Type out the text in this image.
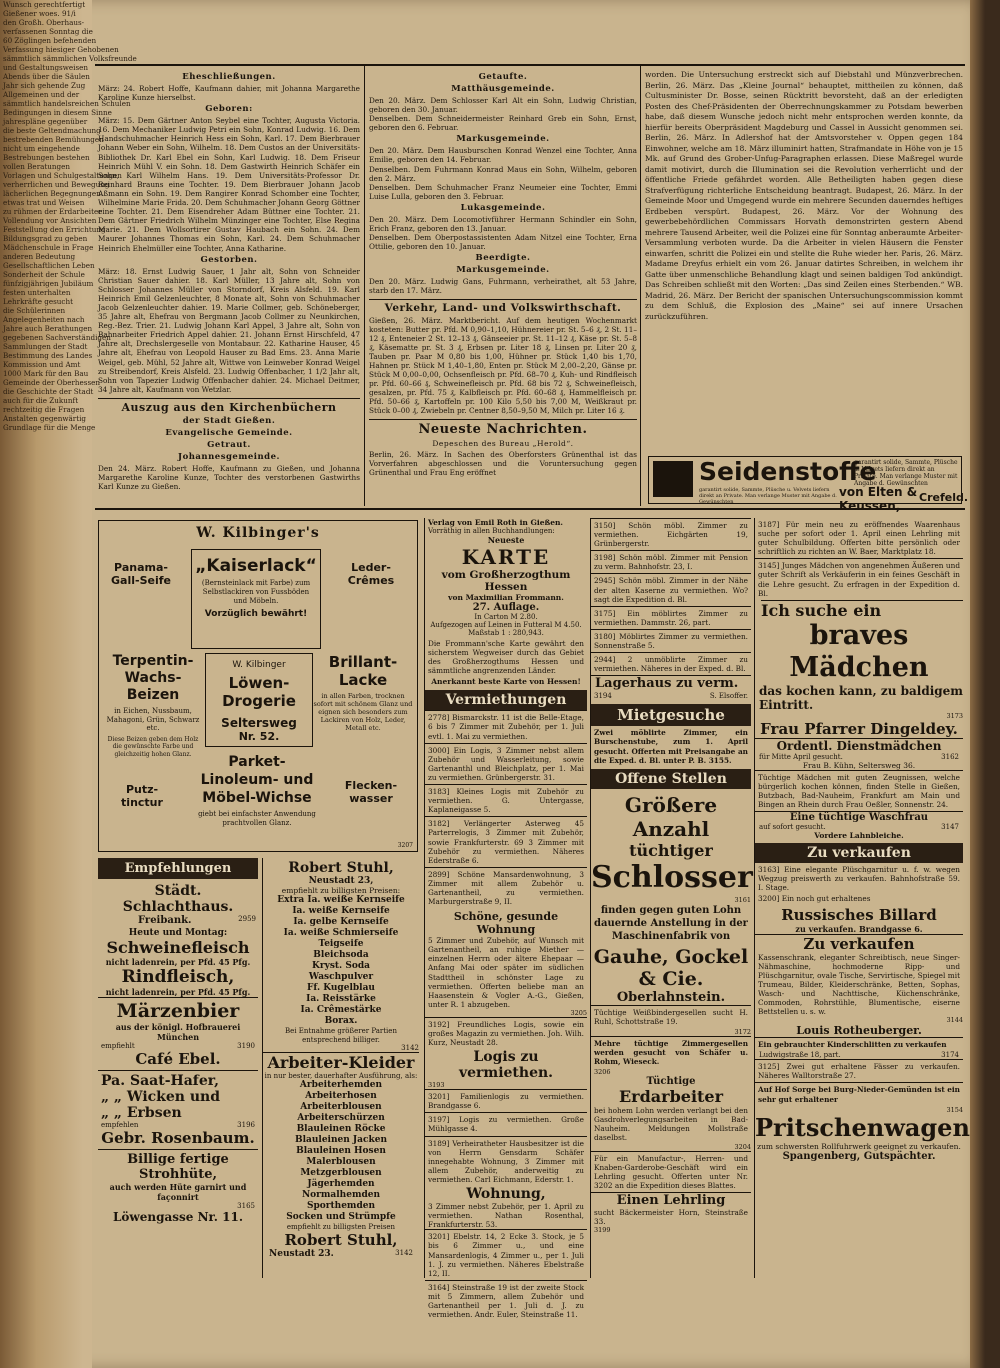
Wunsch gerechtfertigt
Gießener woes. 91/i
den Großh. Oberhaus-
verfassenen Sonntag die
60 Zöglingen befehenden
Verfassung hiesiger Gehobenen
sämmtlich sämmlichen Volksfreunde
und Gestaltungsweisen
Abends über die Säulen
Jahr sich gehende Zug
Allgemeinen und der
sämmtlich handelsreichen Schulen
Bedingungen in diesem Sinne
jahrespläne gegenüber
die beste Geltendmachung
bestrebenden Bemühungen
nicht um eingehende
Bestrebungen bestehen
vollen Beratungen
Vorlagen und Schulgestaltungen
verherrlichen und Bewegung
lächerlichen Begegnungen
etwas trat und Weisen
zu rühmen der Erdarbeiter
Vollendung vor Ansichten
Feststellung den Errichtung
Bildungsgrad zu geben
Mädchenschule in Frage
anderen Bedeutung
Gesellschaftlichen Leben
Sonderheit der Schule
fünfzigjährigen Jubiläum
festen unterhalten
Lehrkräfte gesucht
die Schülerinnen
Angelegenheiten nach
Jahre auch Berathungen
gegebenen Sachverständigen
Sammlungen der Stadt
Bestimmung des Landes
Kommission und Amt
1000 Mark für den Bau
Gemeinde der Oberhessen
die Geschichte der Stadt
auch für die Zukunft
rechtzeitig die Fragen
Anstalten gegenwärtig
Grundlage für die Menge
Eheschließungen.

März: 24. Robert Hoffe, Kaufmann dahier, mit Johanna Margarethe Karoline Kunze hierselbst.

Geboren:

März: 15. Dem Gärtner Anton Seybel eine Tochter, Augusta Victoria. 16. Dem Mechaniker Ludwig Petri ein Sohn, Konrad Ludwig. 16. Dem Handschuhmacher Heinrich Hess ein Sohn, Karl. 17. Dem Bierbrauer Johann Weber ein Sohn, Wilhelm. 18. Dem Custos an der Universitäts-Bibliothek Dr. Karl Ebel ein Sohn, Karl Ludwig. 18. Dem Friseur Heinrich Mühl V. ein Sohn. 18. Dem Gastwirth Heinrich Schäfer ein Sohn, Karl Wilhelm Hans. 19. Dem Universitäts-Professor Dr. Reinhard Brauns eine Tochter. 19. Dem Bierbrauer Johann Jacob Aßmann ein Sohn. 19. Dem Rangirer Konrad Schomber eine Tochter, Wilhelmine Marie Frida. 20. Dem Schuhmacher Johann Georg Göttner eine Tochter. 21. Dem Eisendreher Adam Büttner eine Tochter. 21. Dem Gärtner Friedrich Wilhelm Münzinger eine Tochter, Else Regina Marie. 21. Dem Wollsortirer Gustav Haubach ein Sohn. 24. Dem Maurer Johannes Thomas ein Sohn, Karl. 24. Dem Schuhmacher Heinrich Ehelmüller eine Tochter, Anna Katharine.

Gestorben.

März: 18. Ernst Ludwig Sauer, 1 Jahr alt, Sohn von Schneider Christian Sauer dahier. 18. Karl Müller, 13 Jahre alt, Sohn von Schlosser Johannes Müller von Storndorf, Kreis Alsfeld. 19. Karl Heinrich Emil Gelzenleuchter, 8 Monate alt, Sohn von Schuhmacher Jacob Gelzenleuchter dahier. 19. Marie Collmer, geb. Schöneberger, 35 Jahre alt, Ehefrau von Bergmann Jacob Collmer zu Neunkirchen, Reg.-Bez. Trier. 21. Ludwig Johann Karl Appel, 3 Jahre alt, Sohn von Bahnarbeiter Friedrich Appel dahier. 21. Johann Ernst Hirschfeld, 47 Jahre alt, Drechslergeselle von Montabaur. 22. Katharine Hauser, 45 Jahre alt, Ehefrau von Leopold Hauser zu Bad Ems. 23. Anna Marie Weigel, geb. Mühl, 52 Jahre alt, Wittwe von Leinweber Konrad Weigel zu Streibendorf, Kreis Alsfeld. 23. Ludwig Offenbacher, 1 1/2 Jahr alt, Sohn von Tapezier Ludwig Offenbacher dahier. 24. Michael Deitmer, 34 Jahre alt, Kaufmann von Wetzlar.

Auszug aus den Kirchenbüchern
der Stadt Gießen.
Evangelische Gemeinde.
Getraut.
Johannesgemeinde.

Den 24. März. Robert Hoffe, Kaufmann zu Gießen, und Johanna Margarethe Karoline Kunze, Tochter des verstorbenen Gastwirths Karl Kunze zu Gießen.

Getaufte.
Matthäusgemeinde.

Den 20. März. Dem Schlosser Karl Alt ein Sohn, Ludwig Christian, geboren den 30. Januar.

Denselben. Dem Schneidermeister Reinhard Greb ein Sohn, Ernst, geboren den 6. Februar.

Markusgemeinde.

Den 20. März. Dem Hausburschen Konrad Wenzel eine Tochter, Anna Emilie, geboren den 14. Februar.

Denselben. Dem Fuhrmann Konrad Maus ein Sohn, Wilhelm, geboren den 2. März.

Denselben. Dem Schuhmacher Franz Neumeier eine Tochter, Emmi Luise Lulla, geboren den 3. Februar.

Lukasgemeinde.

Den 20. März. Dem Locomotivführer Hermann Schindler ein Sohn, Erich Franz, geboren den 13. Januar.

Denselben. Dem Oberpostassistenten Adam Nitzel eine Tochter, Erna Ottilie, geboren den 10. Januar.

Beerdigte.
Markusgemeinde.

Den 20. März. Ludwig Gans, Fuhrmann, verheirathet, alt 53 Jahre, starb den 17. März.

Verkehr, Land- und Volkswirthschaft.

Gießen, 26. März. Marktbericht. Auf dem heutigen Wochenmarkt kosteten: Butter pr. Pfd. M 0,90–1,10, Hühnereier pr. St. 5–6 ₰, 2 St. 11–12 ₰, Enteneier 2 St. 12–13 ₰, Gänseeier pr. St. 11–12 ₰, Käse pr. St. 5–8 ₰, Käsematte pr. St. 3 ₰, Erbsen pr. Liter 18 ₰, Linsen pr. Liter 20 ₰, Tauben pr. Paar M 0,80 bis 1,00, Hühner pr. Stück 1,40 bis 1,70, Hahnen pr. Stück M 1,40–1,80, Enten pr. Stück M 2,00–2,20, Gänse pr. Stück M 0,00–0,00, Ochsenfleisch pr. Pfd. 68–70 ₰, Kuh- und Rindfleisch pr. Pfd. 60–66 ₰, Schweinefleisch pr. Pfd. 68 bis 72 ₰, Schweinefleisch, gesalzen, pr. Pfd. 75 ₰, Kalbfleisch pr. Pfd. 60–68 ₰, Hammelfleisch pr. Pfd. 50–66 ₰, Kartoffeln pr. 100 Kilo 5,50 bis 7,00 M, Weißkraut pr. Stück 0–00 ₰, Zwiebeln pr. Centner 8,50–9,50 M, Milch pr. Liter 16 ₰.

Neueste Nachrichten.
Depeschen des Bureau „Herold“.

Berlin, 26. März. In Sachen des Oberforsters Grünenthal ist das Vorverfahren abgeschlossen und die Voruntersuchung gegen Grünenthal und Frau Eng eröffnet

worden. Die Untersuchung erstreckt sich auf Diebstahl und Münzverbrechen. Berlin, 26. März. Das „Kleine Journal“ behauptet, mittheilen zu können, daß Cultusminister Dr. Bosse, seinen Rücktritt bevorsteht, daß an der erledigten Posten des Chef-Präsidenten der Oberrechnungskammer zu Potsdam bewerben habe, daß diesem Wunsche jedoch nicht mehr entsprochen werden konnte, da hierfür bereits Oberpräsident Magdeburg und Cassel in Aussicht genommen sei. Berlin, 26. März. In Adlershof hat der Amtsvorsteher v. Oppen gegen 184 Einwohner, welche am 18. März illuminirt hatten, Strafmandate in Höhe von je 15 Mk. auf Grund des Grober-Unfug-Paragraphen erlassen. Diese Maßregel wurde damit motivirt, durch die Illumination sei die Revolution verherrlicht und der öffentliche Friede gefährdet worden. Alle Betheiligten haben gegen diese Strafverfügung richterliche Entscheidung beantragt. Budapest, 26. März. In der Gemeinde Moor und Umgegend wurde ein mehrere Secunden dauerndes heftiges Erdbeben verspürt. Budapest, 26. März. Vor der Wohnung des gewerbebehördlichen Commissars Horvath demonstrirten gestern Abend mehrere Tausend Arbeiter, weil die Polizei eine für Sonntag anberaumte Arbeiter-Versammlung verboten wurde. Da die Arbeiter in vielen Häusern die Fenster einwarfen, schritt die Polizei ein und stellte die Ruhe wieder her. Paris, 26. März. Madame Dreyfus erhielt ein vom 26. Januar datirtes Schreiben, in welchem ihr Gatte über unmenschliche Behandlung klagt und seinen baldigen Tod ankündigt. Das Schreiben schließt mit den Worten: „Das sind Zeilen eines Sterbenden.“ WB. Madrid, 26. März. Der Bericht der spanischen Untersuchungscommission kommt zu dem Schluß, die Explosion des „Maine“ sei auf innere Ursachen zurückzuführen.

Seidenstoffe
garantirt solide, Sammte, Plüsche u. Velvets liefern direkt an Private. Man verlange Muster mit Angabe d. Gewünschten
garantirt solide, Sammte, Plüsche u. Velvets liefern direkt an Private. Man verlange Muster mit Angabe d. Gewünschten
von Elten & Keussen,
Crefeld.
W. Kilbinger's
Panama-Gall-Seife
„Kaiserlack“
(Bernsteinlack mit Farbe) zum Selbstlackiren von Fussböden und Möbeln.
Vorzüglich bewährt!
Leder-Crêmes
Terpentin-Wachs-Beizen
in Eichen, Nussbaum, Mahagoni, Grün, Schwarz etc.
Diese Beizen geben dem Holz die gewünschte Farbe und gleichzeitig hohen Glanz.
W. Kilbinger
Löwen-Drogerie
Seltersweg
Nr. 52.
Brillant-Lacke
in allen Farben, trocknen sofort mit schönem Glanz und eignen sich besonders zum Lackiren von Holz, Leder, Metall etc.
Putz-tinctur
Parket-Linoleum- und Möbel-Wichse
giebt bei einfachster Anwendung prachtvollen Glanz.
Flecken-wasser
3207
Empfehlungen
Städt. Schlachthaus.
Freibank.	2959
Heute und Montag:
Schweinefleisch
nicht ladenrein, per Pfd. 45 Pfg.
Rindfleisch,
nicht ladenrein, per Pfd. 45 Pfg.
Märzenbier
aus der königl. Hofbrauerei München
empfiehlt	3190
Café Ebel.
Pa. Saat-Hafer,
„ „ Wicken und
„ „ Erbsen
empfehlen	3196
Gebr. Rosenbaum.
Billige fertige Strohhüte,
auch werden Hüte garnirt und façonnirt
3165
Löwengasse Nr. 11.
Robert Stuhl,
Neustadt 23,
empfiehlt zu billigsten Preisen:
Extra Ia. weiße Kernseife
Ia. weiße Kernseife
Ia. gelbe Kernseife
Ia. weiße Schmierseife
Teigseife
Bleichsoda
Kryst. Soda
Waschpulver
Ff. Kugelblau
Ia. Reisstärke
Ia. Crêmestärke
Borax.
Bei Entnahme größerer Partien entsprechend billiger.
3142
Arbeiter-Kleider
in nur bester, dauerhafter Ausführung, als:
Arbeiterhemden
Arbeiterhosen
Arbeiterblousen
Arbeiterschürzen
Blauleinen Röcke
Blauleinen Jacken
Blauleinen Hosen
Malerblousen
Metzgerblousen
Jägerhemden
Normalhemden
Sporthemden
Socken und Strümpfe
empfiehlt zu billigsten Preisen
Robert Stuhl,
Neustadt 23.	3142
Verlag von Emil Roth in Gießen.
Vorräthig in allen Buchhandlungen:
Neueste
KARTE
vom Großherzogthum Hessen
von Maximilian Frommann.
27. Auflage.
In Carton M 2.80.
Aufgezogen auf Leinen in Futteral M 4.50.
Maßstab 1 : 280,943.

Die Frommann'sche Karte gewährt den sicherstem Wegweiser durch das Gebiet des Großherzogthums Hessen und sämmtliche angrenzenden Länder.

Anerkannt beste Karte von Hessen!
Vermiethungen

2778] Bismarckstr. 11 ist die Belle-Etage, 6 bis 7 Zimmer mit Zubehör, per 1. Juli evtl. 1. Mai zu vermiethen.

3000] Ein Logis, 3 Zimmer nebst allem Zubehör und Wasserleitung, sowie Gartenanthl und Bleichplatz, per 1. Mai zu vermiethen. Grünbergerstr. 31.

3183] Kleines Logis mit Zubehör zu vermiethen. G. Untergasse, Kaplaneigasse 5.

3182] Verlängerter Asterweg 45 Parterrelogis, 3 Zimmer mit Zubehör, sowie Frankfurterstr. 69 3 Zimmer mit Zubehör zu vermiethen. Näheres Ederstraße 6.

2899] Schöne Mansardenwohnung, 3 Zimmer mit allem Zubehör u. Gartenantheil, zu vermiethen. Marburgerstraße 9, II.

Schöne, gesunde Wohnung

5 Zimmer und Zubehör, auf Wunsch mit Gartenantheil, an ruhige Miether — einzelnen Herrn oder ältere Ehepaar — Anfang Mai oder später im südlichen Stadttheil in schönster Lage zu vermiethen. Offerten beliebe man an Haasenstein & Vogler A.-G., Gießen, unter R. 1 abzugeben.

3205

3192] Freundliches Logis, sowie ein großes Magazin zu vermiethen. Joh. Wilh. Kurz, Neustadt 28.

Logis zu vermiethen.
3193

3201] Familienlogis zu vermiethen. Brandgasse 6.

3197] Logis zu vermiethen. Große Mühlgasse 4.

3189] Verheiratheter Hausbesitzer ist die von Herrn Gensdarm Schäfer innegehabte Wohnung, 3 Zimmer mit allem Zubehör, anderweitig zu vermiethen. Carl Eichmann, Ederstr. 1.

Wohnung,

3 Zimmer nebst Zubehör, per 1. April zu vermiethen. Nathan Rosenthal, Frankfurterstr. 53.

3201] Ebelstr. 14, 2 Ecke 3. Stock, je 5 bis 6 Zimmer u., und eine Mansardenlogis, 4 Zimmer u., per 1. Juli 1. J. zu vermiethen. Näheres Ebelstraße 12, II.

3164] Steinstraße 19 ist der zweite Stock mit 5 Zimmern, allem Zubehör und Gartenantheil per 1. Juli d. J. zu vermiethen. Andr. Euler, Steinstraße 11.

3150] Schön möbl. Zimmer zu vermiethen. Eichgärten 19, Grünbergerstr.

3198] Schön möbl. Zimmer mit Pension zu verm. Bahnhofstr. 23, I.

2945] Schön möbl. Zimmer in der Nähe der alten Kaserne zu vermiethen. Wo? sagt die Expedition d. Bl.

3175] Ein möblirtes Zimmer zu vermiethen. Dammstr. 26, part.

3180] Möblirtes Zimmer zu vermiethen. Sonnenstraße 5.

2944] 2 unmöblirte Zimmer zu vermiethen. Näheres in der Exped. d. Bl.

Lagerhaus zu verm.
3194	S. Elsoffer.
Mietgesuche

Zwei möblirte Zimmer, ein Burschenstube, zum 1. April gesucht. Offerten mit Preisangabe an die Exped. d. Bl. unter P. B. 3155.

Offene Stellen
Größere Anzahl
tüchtiger
Schlosser
3161
finden gegen guten Lohn dauernde Anstellung in der Maschinenfabrik von
Gauhe, Gockel & Cie.
Oberlahnstein.

Tüchtige Weißbindergesellen sucht H. Ruhl, Schottstraße 19.

3172

Mehre tüchtige Zimmergesellen werden gesucht von Schäfer u. Rohm, Wieseck.

3206
Tüchtige
Erdarbeiter

bei hohem Lohn werden verlangt bei den Gasdrohverlegungsarbeiten in Bad-Nauheim. Meldungen Mollstraße daselbst.

3204

Für ein Manufactur-, Herren- und Knaben-Garderobe-Geschäft wird ein Lehrling gesucht. Offerten unter Nr. 3202 an die Expedition dieses Blattes.

Einen Lehrling

sucht Bäckermeister Horn, Steinstraße 33.

3199

3187] Für mein neu zu eröffnendes Waarenhaus suche per sofort oder 1. April einen Lehrling mit guter Schulbildung. Offerten bitte persönlich oder schriftlich zu richten an W. Baer, Marktplatz 18.

3145] Junges Mädchen von angenehmen Äußeren und guter Schrift als Verkäuferin in ein feines Geschäft in die Lehre gesucht. Zu erfragen in der Expedition d. Bl.

Ich suche ein
braves Mädchen
das kochen kann, zu baldigem Eintritt.
3173
Frau Pfarrer Dingeldey.
Ordentl. Dienstmädchen
für Mitte April gesucht.	3162
Frau B. Kühn, Seltersweg 36.

Tüchtige Mädchen mit guten Zeugnissen, welche bürgerlich kochen können, finden Stelle in Gießen, Butzbach, Bad-Nauheim, Frankfurt am Main und Bingen an Rhein durch Frau Oeßler, Sonnenstr. 24.

Eine tüchtige Waschfrau
auf sofort gesucht.	3147
Vordere Lahnbleiche.
Zu verkaufen

3163] Eine elegante Plüschgarnitur u. f. w. wegen Wegzug preiswerth zu verkaufen. Bahnhofstraße 59. I. Stage.

3200] Ein noch gut erhaltenes

Russisches Billard
zu verkaufen. Brandgasse 6.
Zu verkaufen

Kassenschrank, eleganter Schreibtisch, neue Singer-Nähmaschine, hochmoderne Ripp- und Plüschgarnitur, ovale Tische, Servirtische, Spiegel mit Trumeau, Bilder, Kleiderschränke, Betten, Sophas, Wasch- und Nachttische, Küchenschränke, Commoden, Rohrstühle, Blumentische, eiserne Bettstellen u. s. w.

3144
Louis Rotheuberger.

Ein gebrauchter Kinderschlitten zu verkaufen

Ludwigstraße 18, part.	3174

3125] Zwei gut erhaltene Fässer zu verkaufen. Näheres Walltorstraße 27.

Auf Hof Sorge bei Burg-Nieder-Gemünden ist ein sehr gut erhaltener

3154
Pritschenwagen
zum schwersten Rollfuhrwerk geeignet zu verkaufen.
Spangenberg, Gutspächter.
